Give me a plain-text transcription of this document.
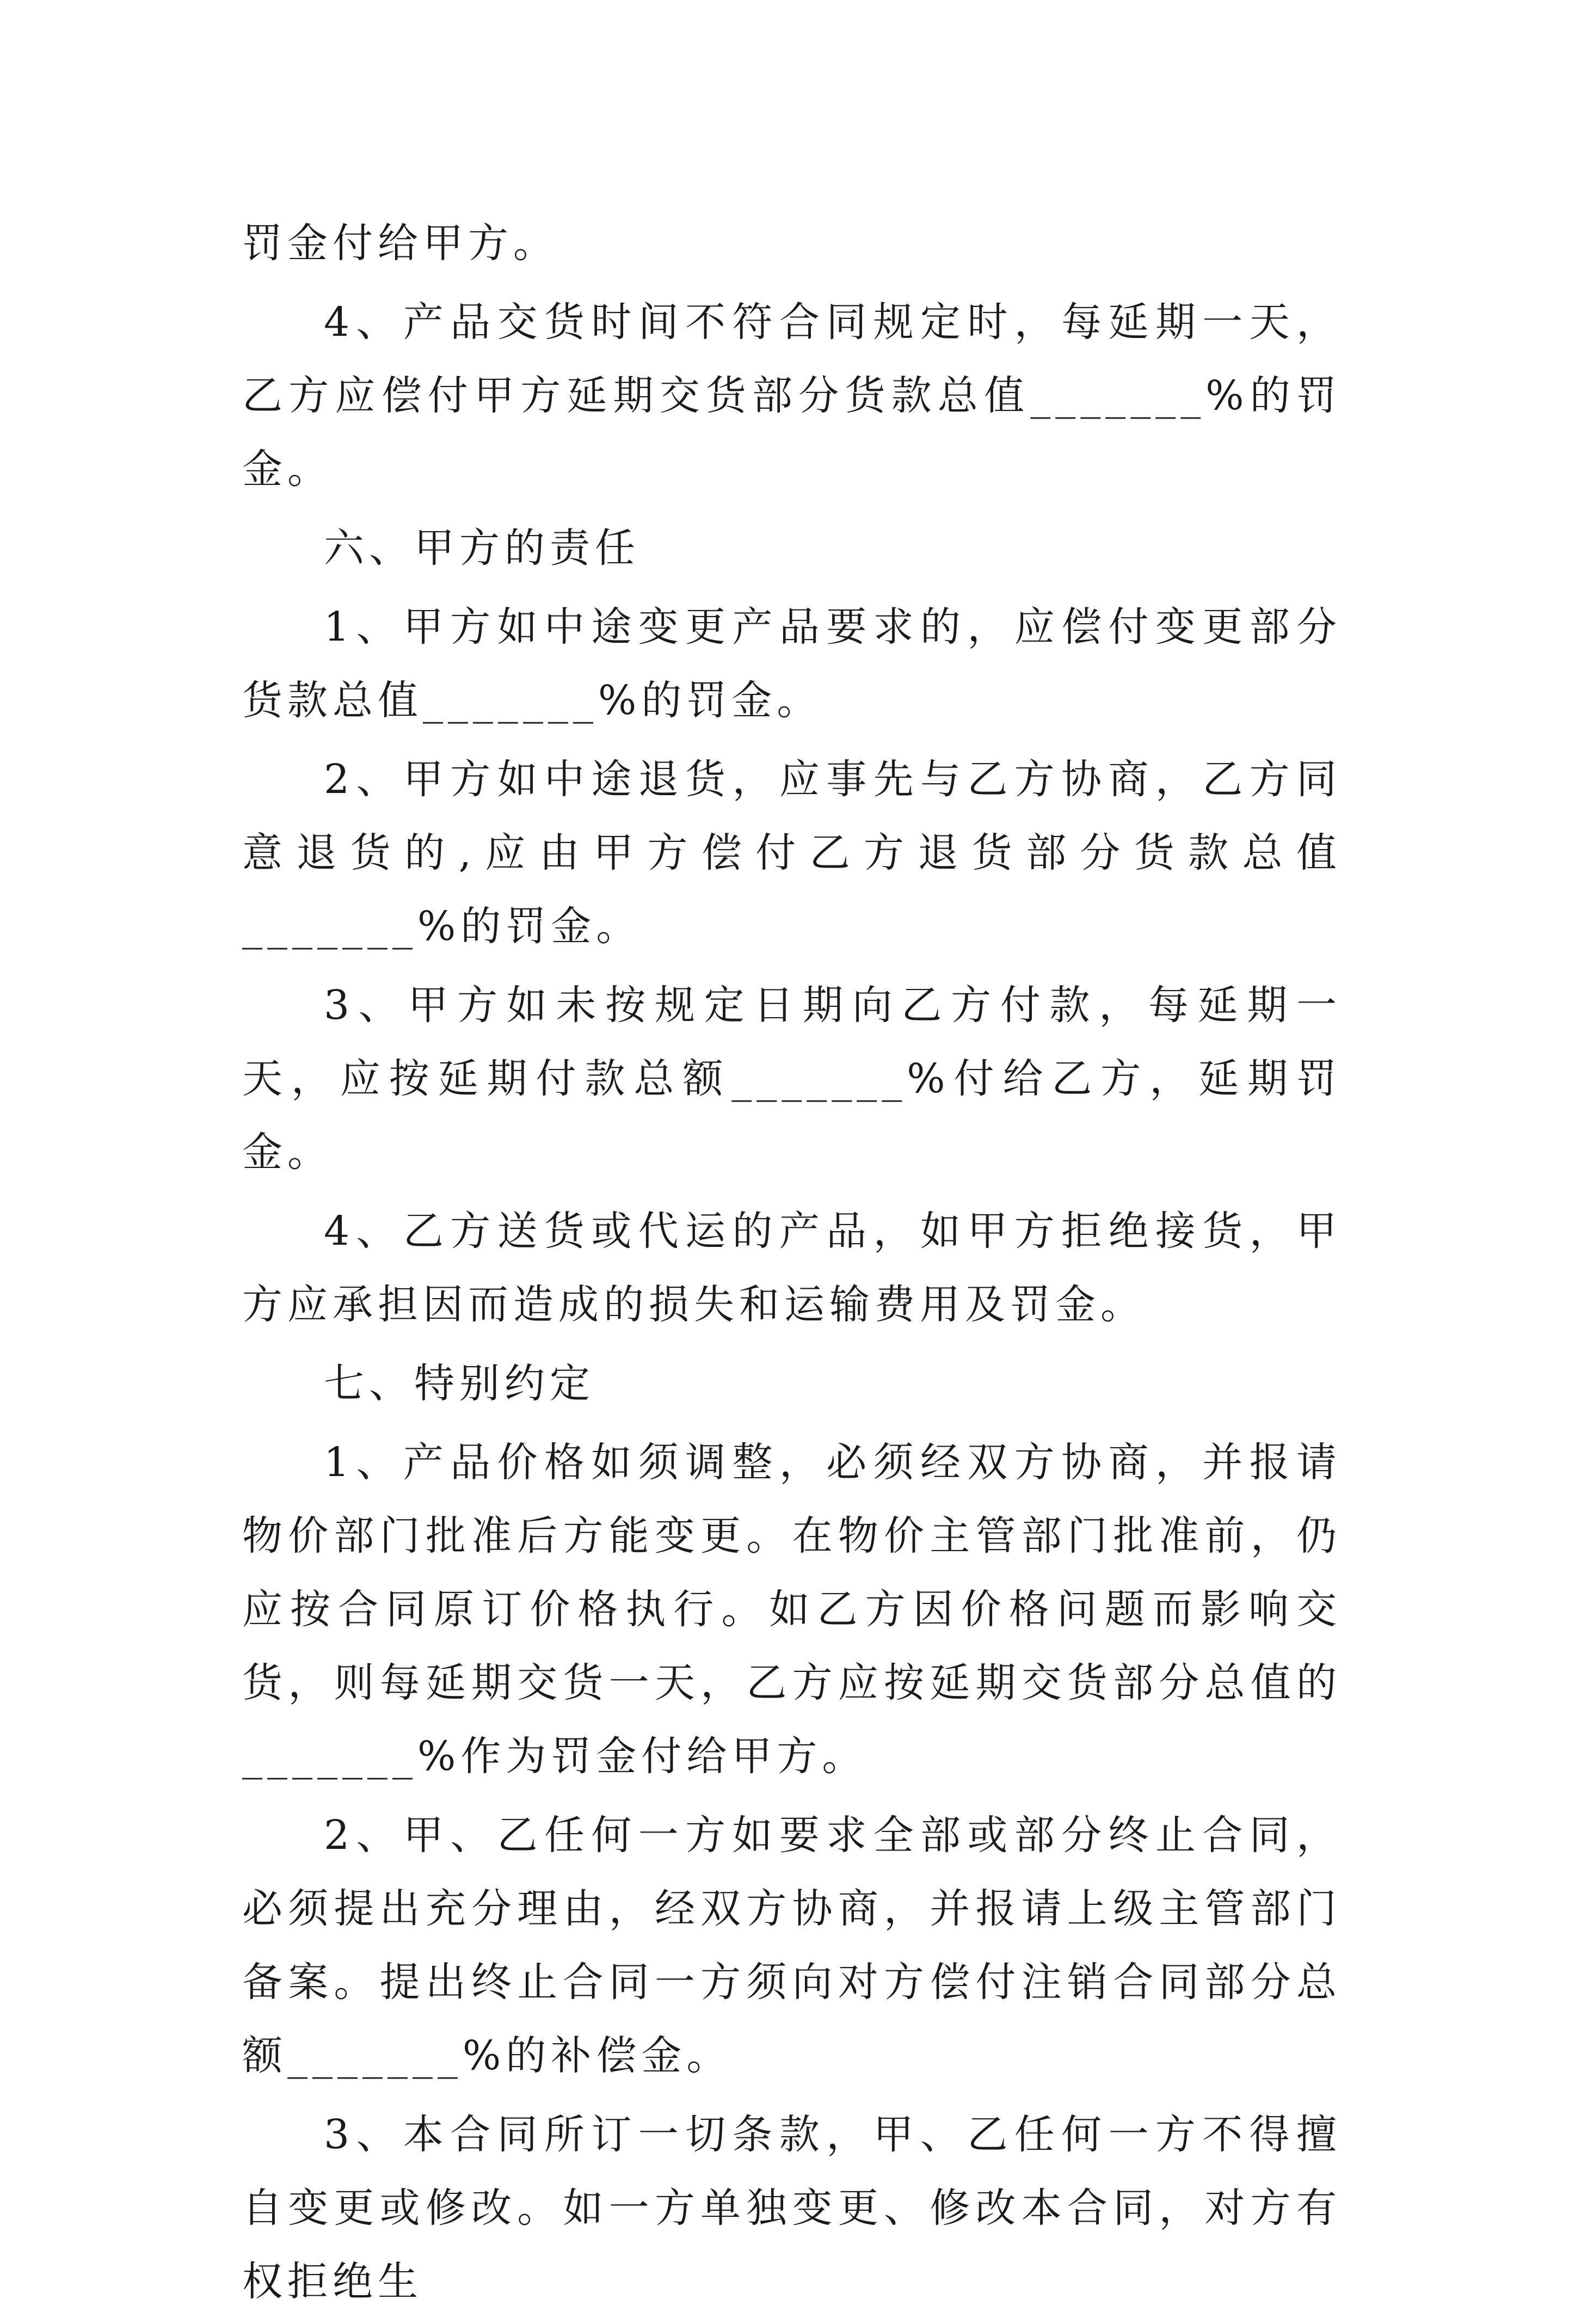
罚金付给甲方。

4、产品交货时间不符合同规定时，每延期一天，乙方应偿付甲方延期交货部分货款总值_______%的罚金。

六、甲方的责任

1、甲方如中途变更产品要求的，应偿付变更部分货款总值_______%的罚金。

2、甲方如中途退货，应事先与乙方协商，乙方同意退货的,应由甲方偿付乙方退货部分货款总值_______%的罚金。

3、甲方如未按规定日期向乙方付款，每延期一天，应按延期付款总额_______%付给乙方，延期罚金。

4、乙方送货或代运的产品，如甲方拒绝接货，甲方应承担因而造成的损失和运输费用及罚金。

七、特别约定

1、产品价格如须调整，必须经双方协商，并报请物价部门批准后方能变更。在物价主管部门批准前，仍应按合同原订价格执行。如乙方因价格问题而影响交货，则每延期交货一天，乙方应按延期交货部分总值的_______%作为罚金付给甲方。

2、甲、乙任何一方如要求全部或部分终止合同，必须提出充分理由，经双方协商，并报请上级主管部门备案。提出终止合同一方须向对方偿付注销合同部分总额_______%的补偿金。

3、本合同所订一切条款，甲、乙任何一方不得擅自变更或修改。如一方单独变更、修改本合同，对方有权拒绝生
